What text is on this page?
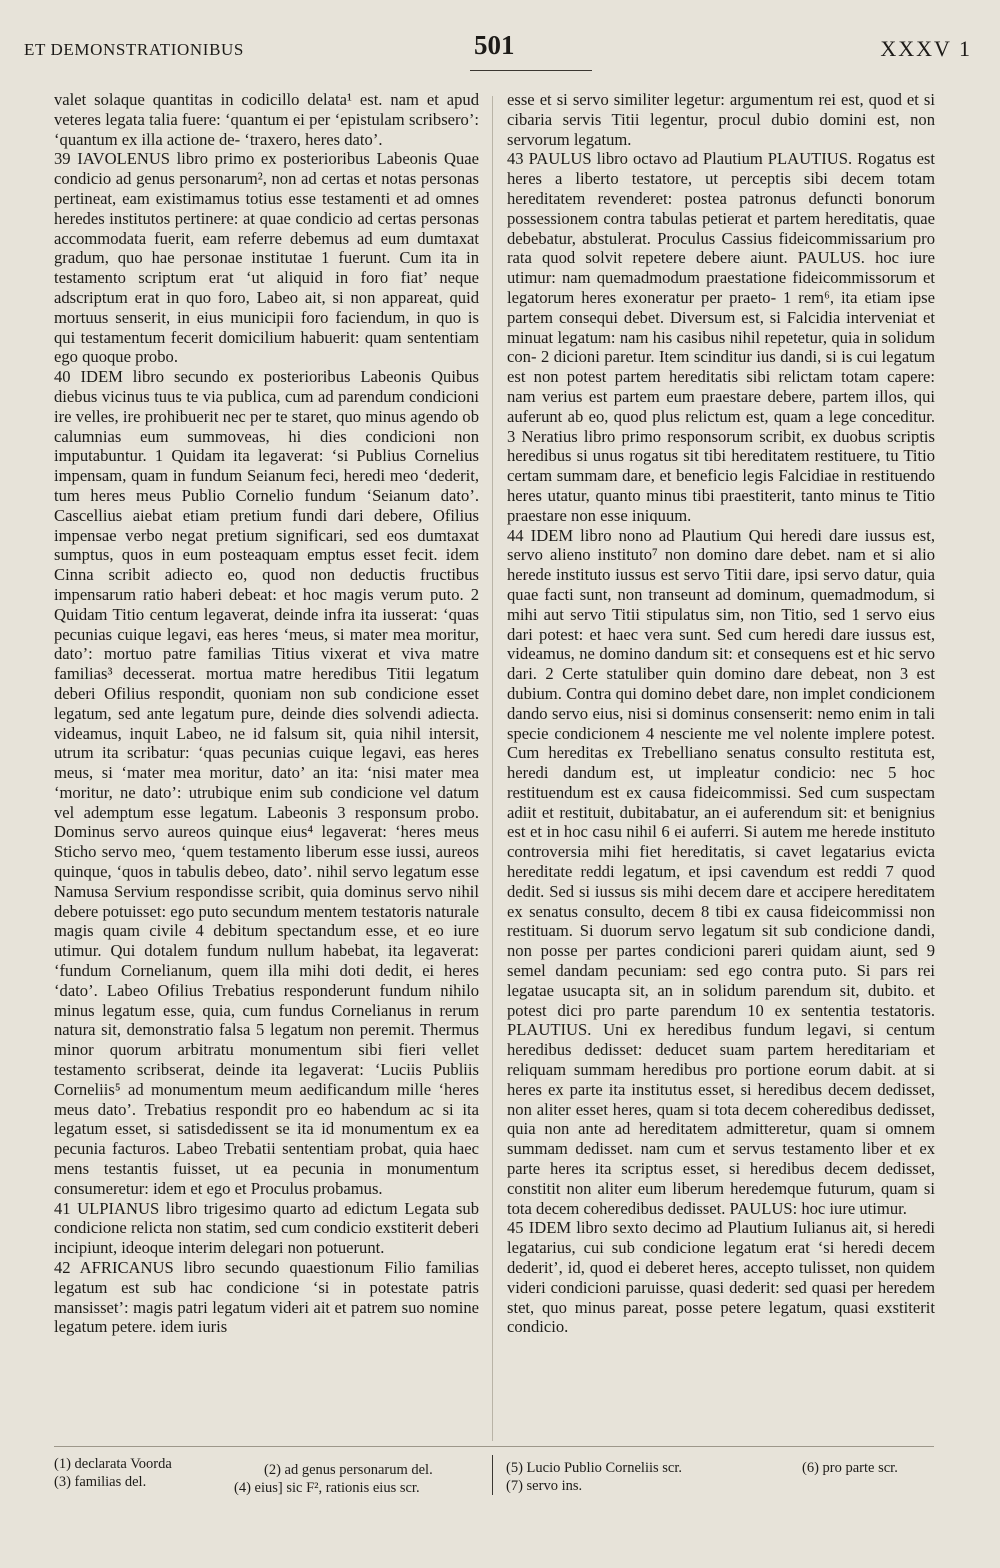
ET DEMONSTRATIONIBUS	501	XXXV 1

valet solaque quantitas in codicillo delata¹ est. nam et apud veteres legata talia fuere: ‘quantum ei per ‘epistulam scribsero’: ‘quantum ex illa actione de- ‘traxero, heres dato’.

39 IAVOLENUS libro primo ex posterioribus Labeonis Quae condicio ad genus personarum², non ad certas et notas personas pertineat, eam existimamus totius esse testamenti et ad omnes heredes institutos pertinere: at quae condicio ad certas personas accommodata fuerit, eam referre debemus ad eum dumtaxat gradum, quo hae personae institutae 1 fuerunt. Cum ita in testamento scriptum erat ‘ut aliquid in foro fiat’ neque adscriptum erat in quo foro, Labeo ait, si non appareat, quid mortuus senserit, in eius municipii foro faciendum, in quo is qui testamentum fecerit domicilium habuerit: quam sententiam ego quoque probo.

40 IDEM libro secundo ex posterioribus Labeonis Quibus diebus vicinus tuus te via publica, cum ad parendum condicioni ire velles, ire prohibuerit nec per te staret, quo minus agendo ob calumnias eum summoveas, hi dies condicioni non imputabuntur. 1 Quidam ita legaverat: ‘si Publius Cornelius impensam, quam in fundum Seianum feci, heredi meo ‘dederit, tum heres meus Publio Cornelio fundum ‘Seianum dato’. Cascellius aiebat etiam pretium fundi dari debere, Ofilius impensae verbo negat pretium significari, sed eos dumtaxat sumptus, quos in eum posteaquam emptus esset fecit. idem Cinna scribit adiecto eo, quod non deductis fructibus impensarum ratio haberi debeat: et hoc magis verum puto. 2 Quidam Titio centum legaverat, deinde infra ita iusserat: ‘quas pecunias cuique legavi, eas heres ‘meus, si mater mea moritur, dato’: mortuo patre familias Titius vixerat et viva matre familias³ decesserat. mortua matre heredibus Titii legatum deberi Ofilius respondit, quoniam non sub condicione esset legatum, sed ante legatum pure, deinde dies solvendi adiecta. videamus, inquit Labeo, ne id falsum sit, quia nihil intersit, utrum ita scribatur: ‘quas pecunias cuique legavi, eas heres meus, si ‘mater mea moritur, dato’ an ita: ‘nisi mater mea ‘moritur, ne dato’: utrubique enim sub condicione vel datum vel ademptum esse legatum. Labeonis 3 responsum probo. Dominus servo aureos quinque eius⁴ legaverat: ‘heres meus Sticho servo meo, ‘quem testamento liberum esse iussi, aureos quinque, ‘quos in tabulis debeo, dato’. nihil servo legatum esse Namusa Servium respondisse scribit, quia dominus servo nihil debere potuisset: ego puto secundum mentem testatoris naturale magis quam civile 4 debitum spectandum esse, et eo iure utimur. Qui dotalem fundum nullum habebat, ita legaverat: ‘fundum Cornelianum, quem illa mihi doti dedit, ei heres ‘dato’. Labeo Ofilius Trebatius responderunt fundum nihilo minus legatum esse, quia, cum fundus Cornelianus in rerum natura sit, demonstratio falsa 5 legatum non peremit. Thermus minor quorum arbitratu monumentum sibi fieri vellet testamento scribserat, deinde ita legaverat: ‘Luciis Publiis Corneliis⁵ ad monumentum meum aedificandum mille ‘heres meus dato’. Trebatius respondit pro eo habendum ac si ita legatum esset, si satisdedissent se ita id monumentum ex ea pecunia facturos. Labeo Trebatii sententiam probat, quia haec mens testantis fuisset, ut ea pecunia in monumentum consumeretur: idem et ego et Proculus probamus.

41 ULPIANUS libro trigesimo quarto ad edictum Legata sub condicione relicta non statim, sed cum condicio exstiterit deberi incipiunt, ideoque interim delegari non potuerunt.

42 AFRICANUS libro secundo quaestionum Filio familias legatum est sub hac condicione ‘si in potestate patris mansisset’: magis patri legatum videri ait et patrem suo nomine legatum petere. idem iuris

esse et si servo similiter legetur: argumentum rei est, quod et si cibaria servis Titii legentur, procul dubio domini est, non servorum legatum.

43 PAULUS libro octavo ad Plautium PLAUTIUS. Rogatus est heres a liberto testatore, ut perceptis sibi decem totam hereditatem revenderet: postea patronus defuncti bonorum possessionem contra tabulas petierat et partem hereditatis, quae debebatur, abstulerat. Proculus Cassius fideicommissarium pro rata quod solvit repetere debere aiunt. PAULUS. hoc iure utimur: nam quemadmodum praestatione fideicommissorum et legatorum heres exoneratur per praeto- 1 rem⁶, ita etiam ipse partem consequi debet. Diversum est, si Falcidia interveniat et minuat legatum: nam his casibus nihil repetetur, quia in solidum con- 2 dicioni paretur. Item scinditur ius dandi, si is cui legatum est non potest partem hereditatis sibi relictam totam capere: nam verius est partem eum praestare debere, partem illos, qui auferunt ab eo, quod plus relictum est, quam a lege conceditur. 3 Neratius libro primo responsorum scribit, ex duobus scriptis heredibus si unus rogatus sit tibi hereditatem restituere, tu Titio certam summam dare, et beneficio legis Falcidiae in restituendo heres utatur, quanto minus tibi praestiterit, tanto minus te Titio praestare non esse iniquum.

44 IDEM libro nono ad Plautium Qui heredi dare iussus est, servo alieno instituto⁷ non domino dare debet. nam et si alio herede instituto iussus est servo Titii dare, ipsi servo datur, quia quae facti sunt, non transeunt ad dominum, quemadmodum, si mihi aut servo Titii stipulatus sim, non Titio, sed 1 servo eius dari potest: et haec vera sunt. Sed cum heredi dare iussus est, videamus, ne domino dandum sit: et consequens est et hic servo dari. 2 Certe statuliber quin domino dare debeat, non 3 est dubium. Contra qui domino debet dare, non implet condicionem dando servo eius, nisi si dominus consenserit: nemo enim in tali specie condicionem 4 nesciente me vel nolente implere potest. Cum hereditas ex Trebelliano senatus consulto restituta est, heredi dandum est, ut impleatur condicio: nec 5 hoc restituendum est ex causa fideicommissi. Sed cum suspectam adiit et restituit, dubitabatur, an ei auferendum sit: et benignius est et in hoc casu nihil 6 ei auferri. Si autem me herede instituto controversia mihi fiet hereditatis, si cavet legatarius evicta hereditate reddi legatum, et ipsi cavendum est reddi 7 quod dedit. Sed si iussus sis mihi decem dare et accipere hereditatem ex senatus consulto, decem 8 tibi ex causa fideicommissi non restituam. Si duorum servo legatum sit sub condicione dandi, non posse per partes condicioni pareri quidam aiunt, sed 9 semel dandam pecuniam: sed ego contra puto. Si pars rei legatae usucapta sit, an in solidum parendum sit, dubito. et potest dici pro parte parendum 10 ex sententia testatoris. PLAUTIUS. Uni ex heredibus fundum legavi, si centum heredibus dedisset: deducet suam partem hereditariam et reliquam summam heredibus pro portione eorum dabit. at si heres ex parte ita institutus esset, si heredibus decem dedisset, non aliter esset heres, quam si tota decem coheredibus dedisset, quia non ante ad hereditatem admitteretur, quam si omnem summam dedisset. nam cum et servus testamento liber et ex parte heres ita scriptus esset, si heredibus decem dedisset, constitit non aliter eum liberum heredemque futurum, quam si tota decem coheredibus dedisset. PAULUS: hoc iure utimur.

45 IDEM libro sexto decimo ad Plautium Iulianus ait, si heredi legatarius, cui sub condicione legatum erat ‘si heredi decem dederit’, id, quod ei deberet heres, accepto tulisset, non quidem videri condicioni paruisse, quasi dederit: sed quasi per heredem stet, quo minus pareat, posse petere legatum, quasi exstiterit condicio.

(1) declarata Voorda
(3) familias del.
(2) ad genus personarum del.
(4) eius] sic F², rationis eius scr.
(5) Lucio Publio Corneliis scr.
(7) servo ins.
(6) pro parte scr.
